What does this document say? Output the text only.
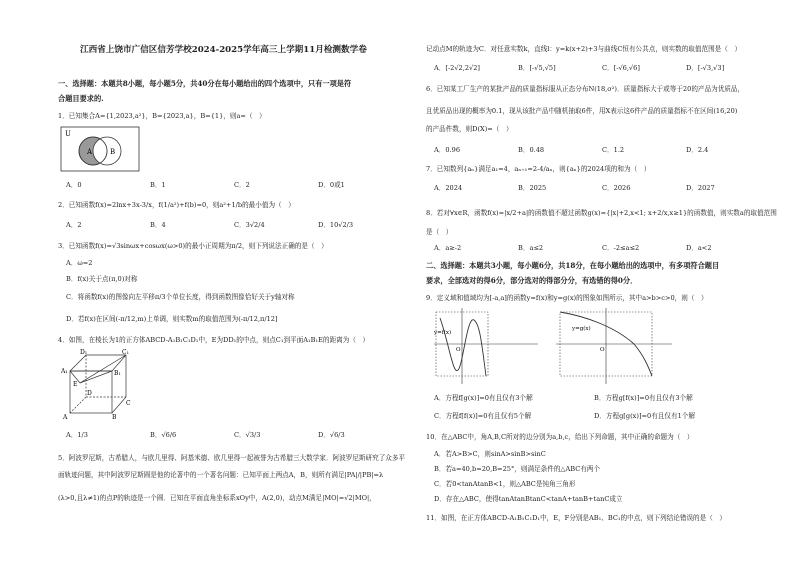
江西省上饶市广信区信芳学校2024-2025学年高三上学期11月检测数学卷
一、选择题：本题共8小题，每小题5分，共40分在每小题给出的四个选项中，只有一项是符
合题目要求的.
1．已知集合A={1,2023,a²}，B={2023,a}，B={1}，则a=（　）
U
A	B
A．0	B．1	C．2	D．0或1
2．已知函数f(x)=2lnx+3x-3/x，f(1/a²)+f(b)=0，则a²+1/b的最小值为（　）
A．2	B．4	C．3√2/4	D．10√2/3
3．已知函数f(x)=√3sinωx+cosωx(ω>0)的最小正周期为π/2，则下列说法正确的是（　）
A．ω=2
B．f(x)关于点(π,0)对称
C．将函数f(x)的图像向左平移π/3个单位长度，得到函数图像恰好关于y轴对称
D．若f(x)在区间(-π/12,m)上单调，则实数m的取值范围为(-π/12,π/12]
4．如图，在棱长为1的正方体ABCD-A₁B₁C₁D₁中，E为DD₁的中点，则点C₁到平面A₁B₁E的距离为（　）
D₁	C₁
A₁	B₁
E
D
C
A	B
A．1/3	B．√6/6	C．√3/3	D．√6/3
5．阿波罗尼斯，古希腊人，与欧几里得、阿基米德、欧几里得一起被誉为古希腊三大数学家．阿波罗尼斯研究了众多平
面轨迹问题，其中阿波罗尼斯圆是他的论著中的一个著名问题：已知平面上两点A，B，则所有满足|PA|/|PB|=λ
(λ>0,且λ≠1)的点P的轨迹是一个圆．已知在平面直角坐标系xOy中，A(2,0)，动点M满足|MO|=√2|MO|，
记动点M的轨迹为C．对任意实数k，直线l：y=k(x+2)+3与曲线C恒有公共点，则实数的取值范围是（　）
A．[-2√2,2√2]	B．[-√5,√5]	C．[-√6,√6]	D．[-√3,√3]
6．已知某工厂生产的某批产品的质量指标服从正态分布N(18,σ²)．质量指标大于或等于20的产品为优质品，
且优质品出现的概率为0.1，现从该批产品中随机抽取6件，用X表示这6件产品的质量指标不在区间(16,20)
的产品件数，则D(X)=（　）
A．0.96	B．0.48	C．1.2	D．2.4
7．已知数列{aₙ}满足a₁=4，aₙ₊₁=2-4/aₙ，则{aₙ}的2024项的和为（　）
A．2024	B．2025	C．2026	D．2027
8．若对∀x∈R，函数f(x)=|x/2+a|的函数值不超过函数g(x)={|x|+2,x<1; x+2/x,x≥1}的函数值，则实数a的取值范围
是（　）
A．a≥-2	B．a≤2	C．-2≤a≤2	D．a<2
二、选择题：本题共3小题，每小题6分，共18分，在每小题给出的选项中，有多项符合题目
要求，全部选对的得6分，部分选对的得部分分，有选错的得0分．
9．定义域和值域均为[-a,a]的函数y=f(x)和y=g(x)的图象如图所示，其中a>b>c>0，则（　）
y=f(x)
O
y=g(x)
O
A．方程f[g(x)]=0有且仅有3个解	B．方程g[f(x)]=0有且仅有3个解
C．方程f[f(x)]=0有且仅有5个解	D．方程g[g(x)]=0有且仅有1个解
10．在△ABC中，角A,B,C所对的边分别为a,b,c，给出下列命题，其中正确的命题为（　）
A．若A>B>C，则sinA>sinB>sinC
B．若a=40,b=20,B=25°，则满足条件的△ABC有两个
C．若0<tanAtanB<1，则△ABC是钝角三角形
D．存在△ABC，使得tanAtanBtanC<tanA+tanB+tanC成立
11．如图，在正方体ABCD-A₁B₁C₁D₁中，E，F分别是AB₁、BC₁的中点，则下列结论错误的是（　）
